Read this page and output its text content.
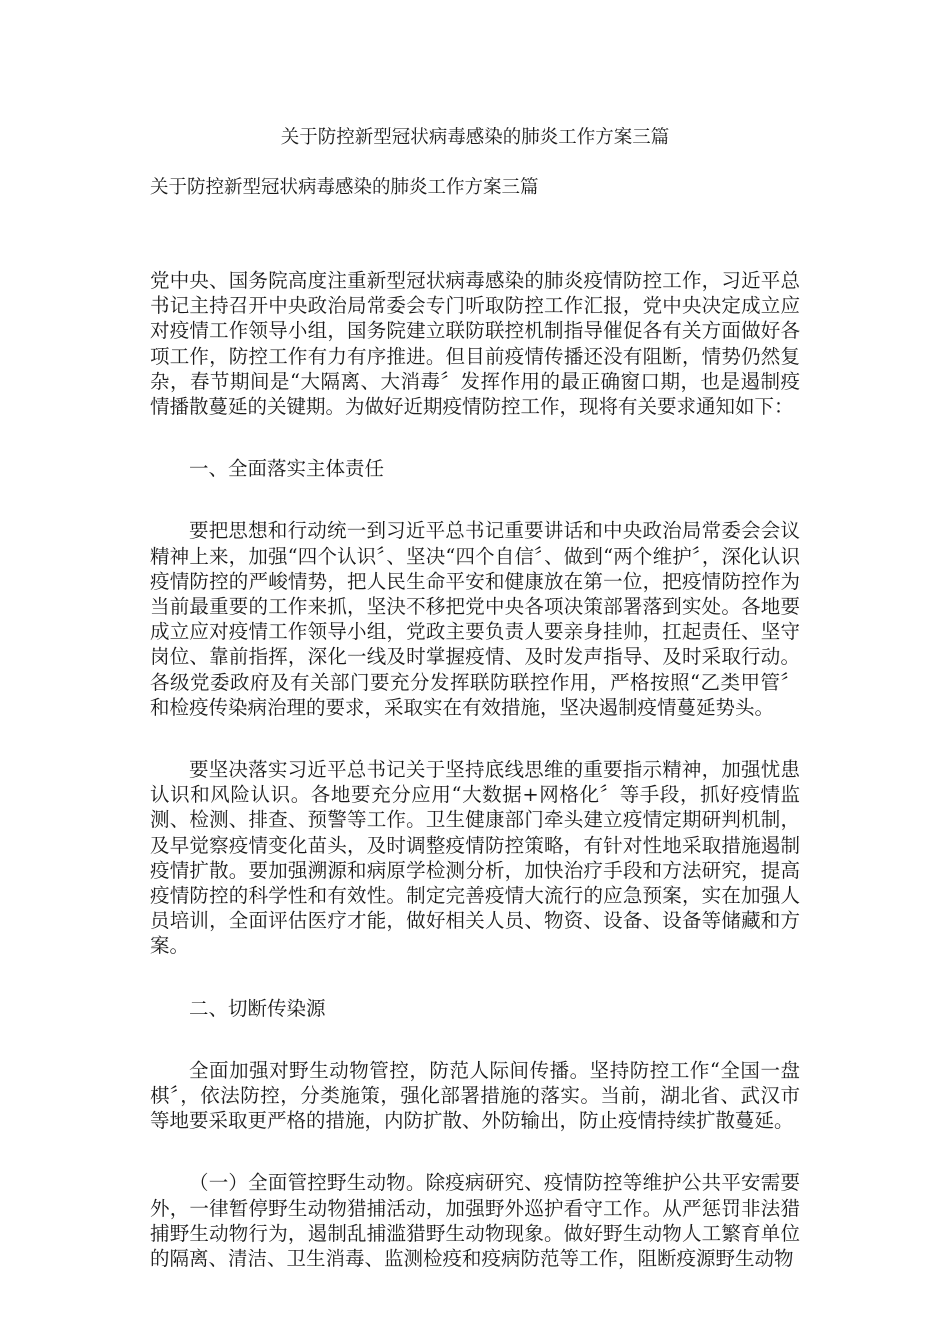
关于防控新型冠状病毒感染的肺炎工作方案三篇
关于防控新型冠状病毒感染的肺炎工作方案三篇

党中央、国务院高度注重新型冠状病毒感染的肺炎疫情防控工作，习近平总书记主持召开中央政治局常委会专门听取防控工作汇报，党中央决定成立应对疫情工作领导小组，国务院建立联防联控机制指导催促各有关方面做好各项工作，防控工作有力有序推进。但目前疫情传播还没有阻断，情势仍然复杂，春节期间是“大隔离、大消毒〞发挥作用的最正确窗口期，也是遏制疫情播散蔓延的关键期。为做好近期疫情防控工作，现将有关要求通知如下：

一、全面落实主体责任

要把思想和行动统一到习近平总书记重要讲话和中央政治局常委会会议精神上来，加强“四个认识〞、坚决“四个自信〞、做到“两个维护〞，深化认识疫情防控的严峻情势，把人民生命平安和健康放在第一位，把疫情防控作为当前最重要的工作来抓，坚決不移把党中央各项决策部署落到实处。各地要成立应对疫情工作领导小组，党政主要负责人要亲身挂帅，扛起责任、坚守岗位、靠前指挥，深化一线及时掌握疫情、及时发声指导、及时采取行动。各级党委政府及有关部门要充分发挥联防联控作用，严格按照“乙类甲管〞和检疫传染病治理的要求，采取实在有效措施，坚决遏制疫情蔓延势头。

要坚决落实习近平总书记关于坚持底线思维的重要指示精神，加强忧患认识和风险认识。各地要充分应用“大数据+网格化〞等手段，抓好疫情监测、检测、排查、预警等工作。卫生健康部门牵头建立疫情定期研判机制，及早觉察疫情变化苗头，及时调整疫情防控策略，有针对性地采取措施遏制疫情扩散。要加强溯源和病原学检测分析，加快治疗手段和方法研究，提高疫情防控的科学性和有效性。制定完善疫情大流行的应急预案，实在加强人员培训，全面评估医疗才能，做好相关人员、物资、设备、设备等储藏和方案。

二、切断传染源

全面加强对野生动物管控，防范人际间传播。坚持防控工作“全国一盘棋〞，依法防控，分类施策，强化部署措施的落实。当前，湖北省、武汉市等地要采取更严格的措施，内防扩散、外防输出，防止疫情持续扩散蔓延。

（一）全面管控野生动物。除疫病研究、疫情防控等维护公共平安需要外，一律暂停野生动物猎捕活动，加强野外巡护看守工作。从严惩罚非法猎捕野生动物行为，遏制乱捕滥猎野生动物现象。做好野生动物人工繁育单位的隔离、清洁、卫生消毒、监测检疫和疫病防范等工作，阻断疫源野生动物
